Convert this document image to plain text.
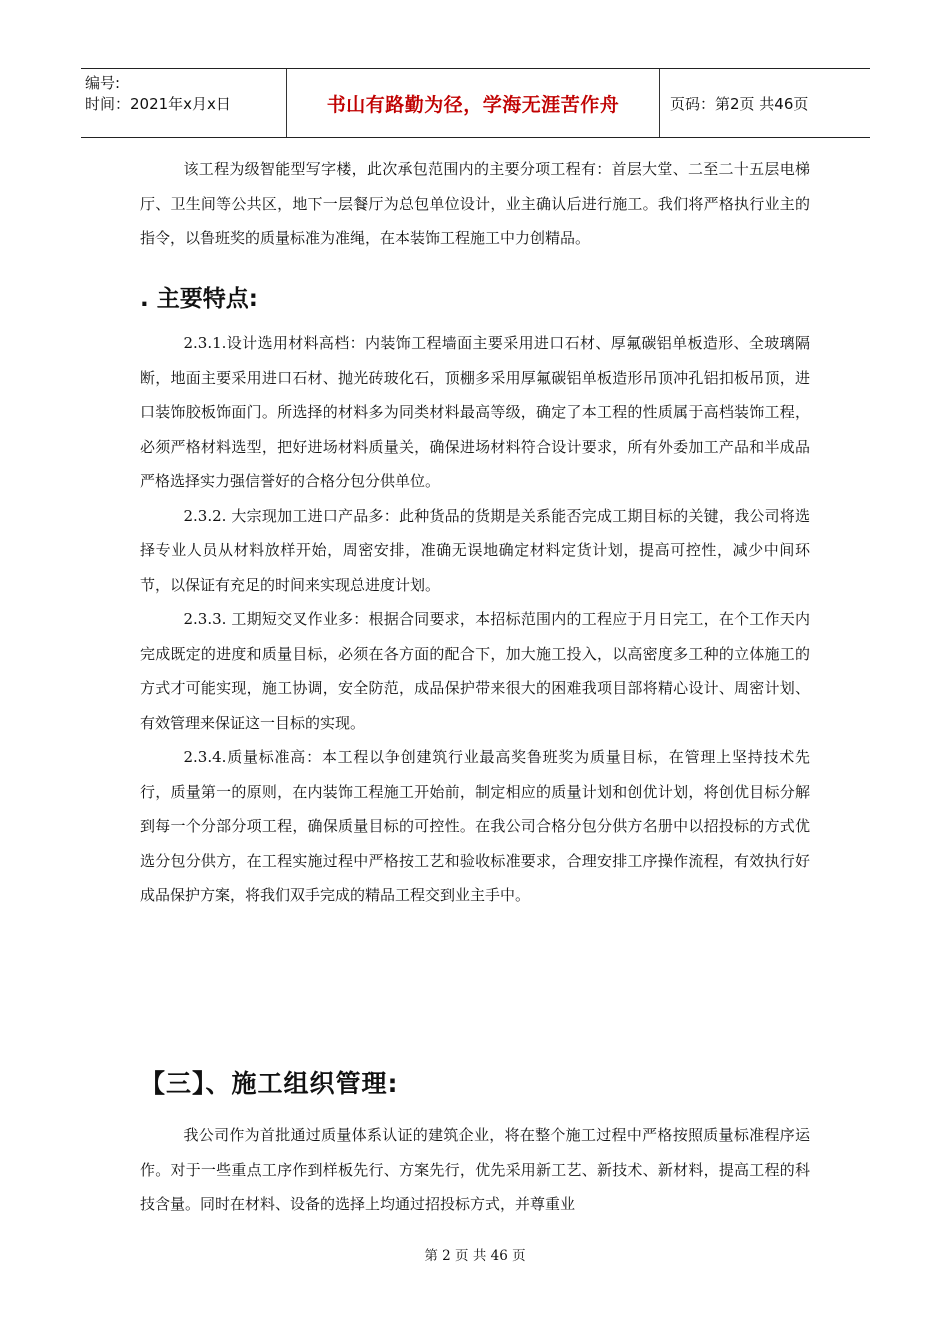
编号:
时间：2021年x月x日	书山有路勤为径，学海无涯苦作舟	页码：第2页 共46页

该工程为级智能型写字楼，此次承包范围内的主要分项工程有：首层大堂、二至二十五层电梯厅、卫生间等公共区，地下一层餐厅为总包单位设计，业主确认后进行施工。我们将严格执行业主的指令，以鲁班奖的质量标准为准绳，在本装饰工程施工中力创精品。

. 主要特点:

2.3.1.设计选用材料高档：内装饰工程墙面主要采用进口石材、厚氟碳铝单板造形、全玻璃隔断，地面主要采用进口石材、抛光砖玻化石，顶棚多采用厚氟碳铝单板造形吊顶冲孔铝扣板吊顶，进口装饰胶板饰面门。所选择的材料多为同类材料最高等级，确定了本工程的性质属于高档装饰工程，必须严格材料选型，把好进场材料质量关，确保进场材料符合设计要求，所有外委加工产品和半成品严格选择实力强信誉好的合格分包分供单位。

2.3.2. 大宗现加工进口产品多：此种货品的货期是关系能否完成工期目标的关键，我公司将选择专业人员从材料放样开始，周密安排，准确无误地确定材料定货计划，提高可控性，减少中间环节，以保证有充足的时间来实现总进度计划。

2.3.3. 工期短交叉作业多：根据合同要求，本招标范围内的工程应于月日完工，在个工作天内完成既定的进度和质量目标，必须在各方面的配合下，加大施工投入，以高密度多工种的立体施工的方式才可能实现，施工协调，安全防范，成品保护带来很大的困难我项目部将精心设计、周密计划、有效管理来保证这一目标的实现。

2.3.4.质量标准高：本工程以争创建筑行业最高奖鲁班奖为质量目标，在管理上坚持技术先行，质量第一的原则，在内装饰工程施工开始前，制定相应的质量计划和创优计划，将创优目标分解到每一个分部分项工程，确保质量目标的可控性。在我公司合格分包分供方名册中以招投标的方式优选分包分供方，在工程实施过程中严格按工艺和验收标准要求，合理安排工序操作流程，有效执行好成品保护方案，将我们双手完成的精品工程交到业主手中。

【三】、施工组织管理:

我公司作为首批通过质量体系认证的建筑企业，将在整个施工过程中严格按照质量标准程序运作。对于一些重点工序作到样板先行、方案先行，优先采用新工艺、新技术、新材料，提高工程的科技含量。同时在材料、设备的选择上均通过招投标方式，并尊重业

第 2 页 共 46 页
